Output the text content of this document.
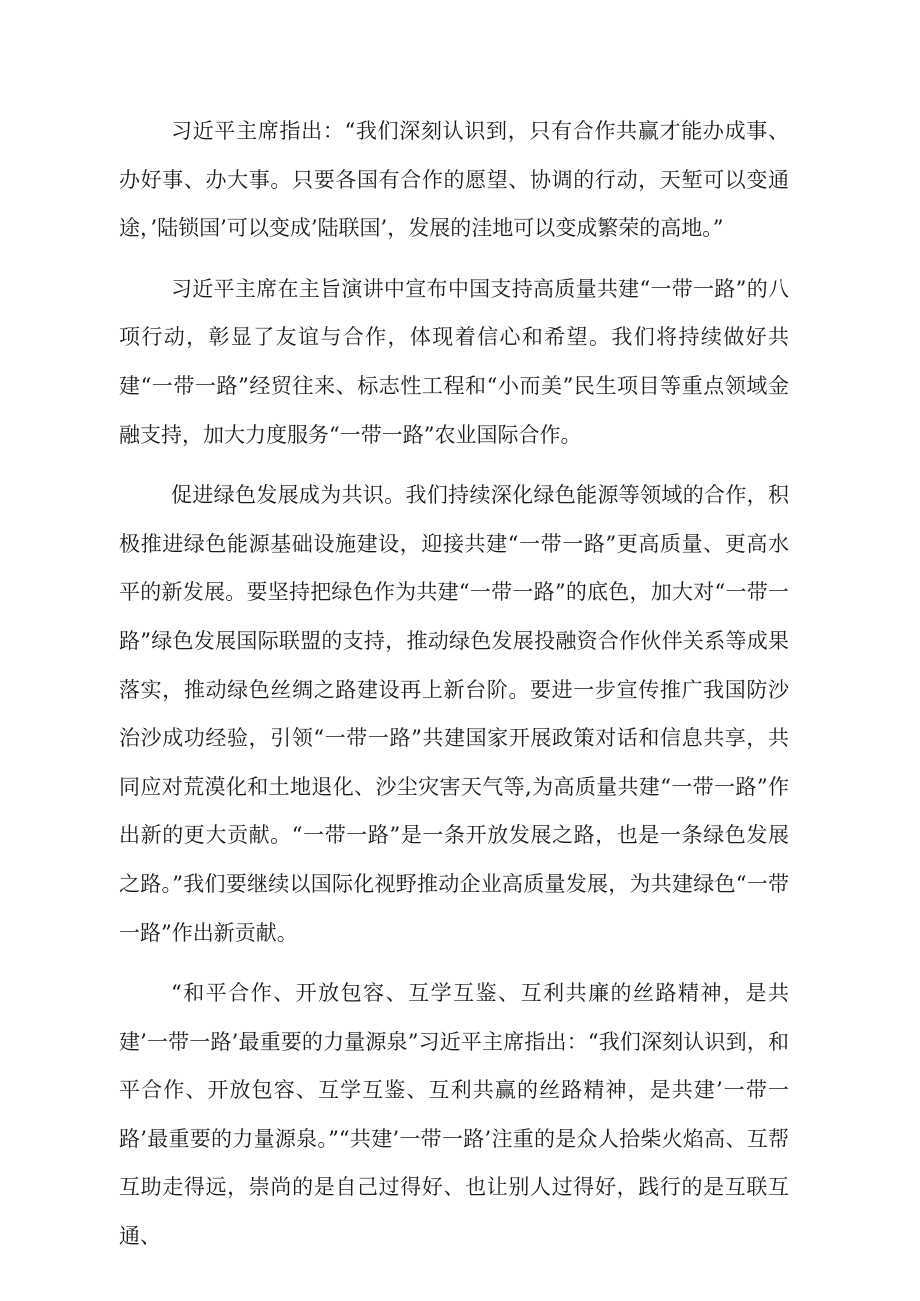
习近平主席指出：“我们深刻认识到，只有合作共赢才能办成事、办好事、办大事。只要各国有合作的愿望、协调的行动，天堑可以变通途，’陆锁国’可以变成’陆联国’，发展的洼地可以变成繁荣的高地。”

习近平主席在主旨演讲中宣布中国支持高质量共建“一带一路”的八项行动，彰显了友谊与合作，体现着信心和希望。我们将持续做好共建“一带一路”经贸往来、标志性工程和“小而美”民生项目等重点领域金融支持，加大力度服务“一带一路”农业国际合作。

促进绿色发展成为共识。我们持续深化绿色能源等领域的合作，积极推进绿色能源基础设施建设，迎接共建“一带一路”更高质量、更高水平的新发展。要坚持把绿色作为共建“一带一路”的底色，加大对“一带一路”绿色发展国际联盟的支持，推动绿色发展投融资合作伙伴关系等成果落实，推动绿色丝绸之路建设再上新台阶。要进一步宣传推广我国防沙治沙成功经验，引领“一带一路”共建国家开展政策对话和信息共享，共同应对荒漠化和土地退化、沙尘灾害天气等,为高质量共建“一带一路”作出新的更大贡献。“一带一路”是一条开放发展之路，也是一条绿色发展之路。”我们要继续以国际化视野推动企业高质量发展，为共建绿色“一带一路”作出新贡献。

“和平合作、开放包容、互学互鉴、互利共廉的丝路精神，是共建’一带一路’最重要的力量源泉”习近平主席指出：“我们深刻认识到，和平合作、开放包容、互学互鉴、互利共赢的丝路精神，是共建’一带一路’最重要的力量源泉。”“共建’一带一路’注重的是众人拾柴火焰高、互帮互助走得远，崇尚的是自己过得好、也让别人过得好，践行的是互联互通、
